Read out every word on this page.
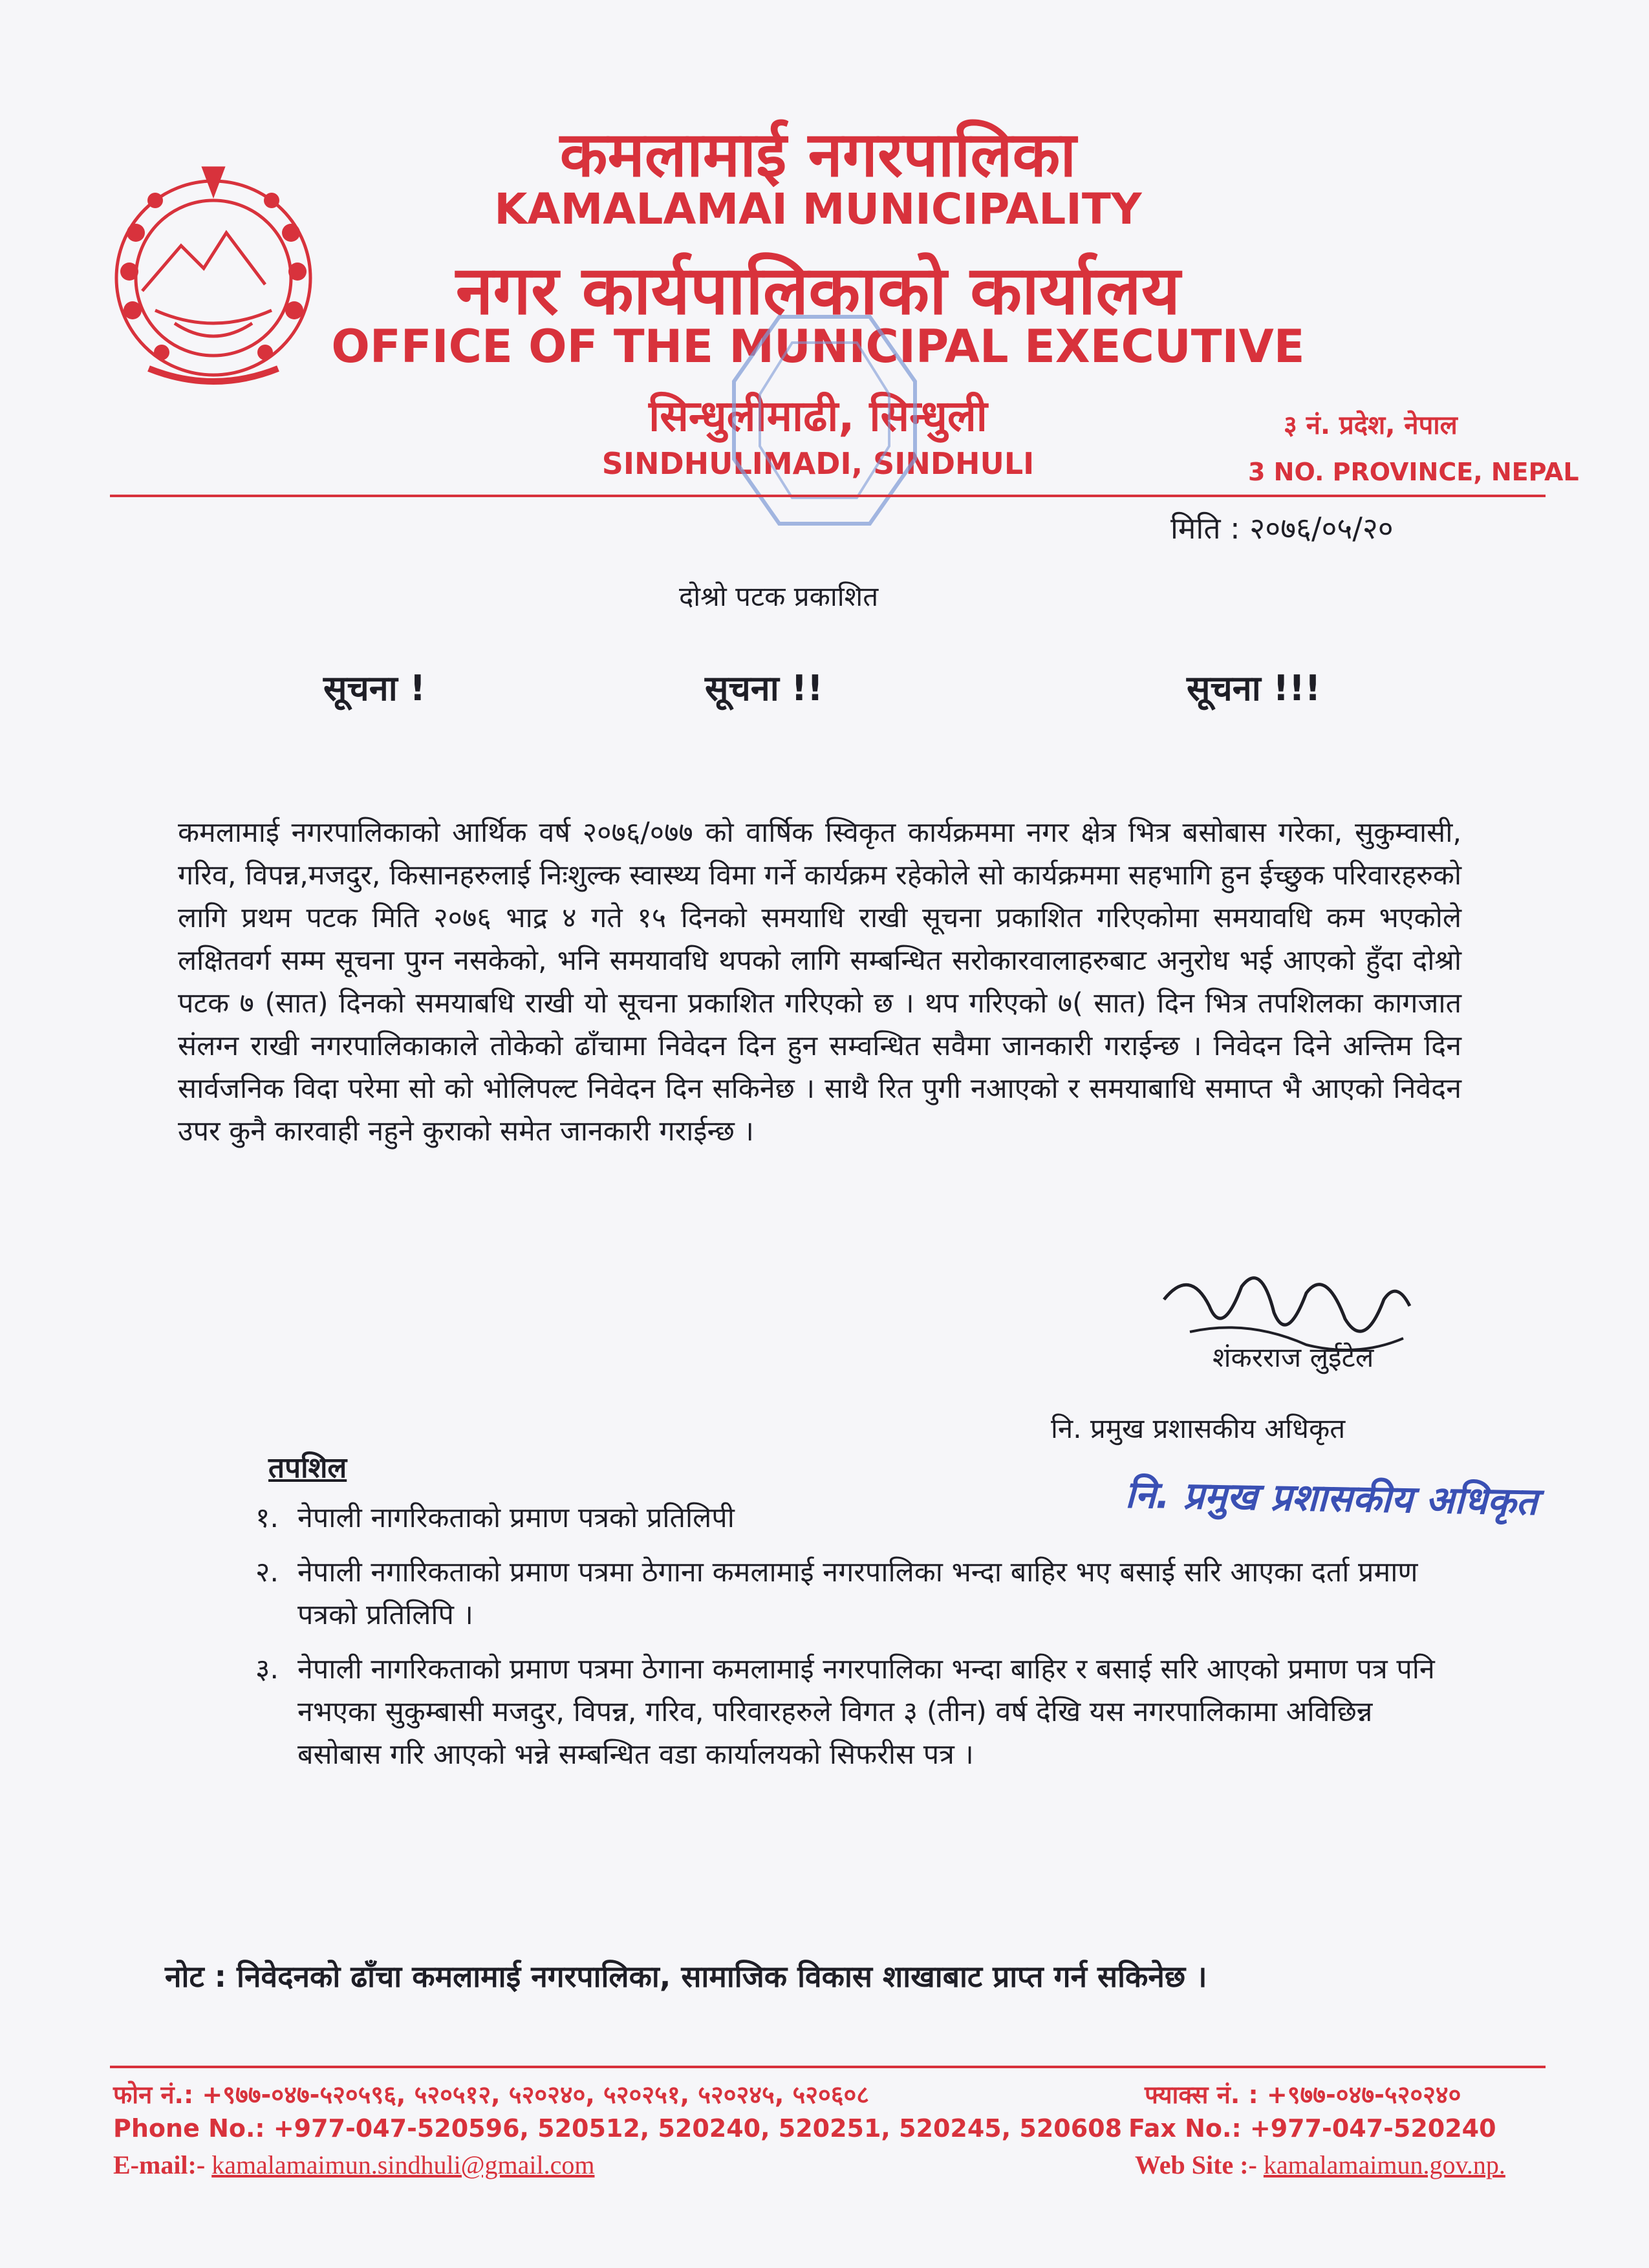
कमलामाई नगरपालिका
KAMALAMAI MUNICIPALITY
नगर कार्यपालिकाको कार्यालय
OFFICE OF THE MUNICIPAL EXECUTIVE
सिन्धुलीमाढी, सिन्धुली
SINDHULIMADI, SINDHULI
३ नं. प्रदेश, नेपाल
3 NO. PROVINCE, NEPAL
मिति : २०७६/०५/२०
दोश्रो पटक प्रकाशित
सूचना !	सूचना !!	सूचना !!!

कमलामाई नगरपालिकाको आर्थिक वर्ष २०७६/०७७ को वार्षिक स्विकृत कार्यक्रममा नगर क्षेत्र भित्र बसोबास गरेका, सुकुम्वासी, गरिव, विपन्न,मजदुर, किसानहरुलाई निःशुल्क स्वास्थ्य विमा गर्ने कार्यक्रम रहेकोले सो कार्यक्रममा सहभागि हुन ईच्छुक परिवारहरुको लागि प्रथम पटक मिति २०७६ भाद्र ४ गते १५ दिनको समयाधि राखी सूचना प्रकाशित गरिएकोमा समयावधि कम भएकोले लक्षितवर्ग सम्म सूचना पुग्न नसकेको, भनि समयावधि थपको लागि सम्बन्धित सरोकारवालाहरुबाट अनुरोध भई आएको हुँदा दोश्रो पटक ७ (सात) दिनको समयाबधि राखी यो सूचना प्रकाशित गरिएको छ । थप गरिएको ७( सात) दिन भित्र तपशिलका कागजात संलग्न राखी नगरपालिकाकाले तोकेको ढाँचामा निवेदन दिन हुन सम्वन्धित सवैमा जानकारी गराईन्छ । निवेदन दिने अन्तिम दिन सार्वजनिक विदा परेमा सो को भोलिपल्ट निवेदन दिन सकिनेछ । साथै रित पुगी नआएको र समयाबाधि समाप्त भै आएको निवेदन उपर कुनै कारवाही नहुने कुराको समेत जानकारी गराईन्छ ।

शंकरराज लुईटेल
नि. प्रमुख प्रशासकीय अधिकृत
नि. प्रमुख प्रशासकीय अधिकृत
तपशिल
१. नेपाली नागरिकताको प्रमाण पत्रको प्रतिलिपी
२. नेपाली नगारिकताको प्रमाण पत्रमा ठेगाना कमलामाई नगरपालिका भन्दा बाहिर भए बसाई सरि आएका दर्ता प्रमाण पत्रको प्रतिलिपि ।
३. नेपाली नागरिकताको प्रमाण पत्रमा ठेगाना कमलामाई नगरपालिका भन्दा बाहिर र बसाई सरि आएको प्रमाण पत्र पनि नभएका सुकुम्बासी मजदुर, विपन्न, गरिव, परिवारहरुले विगत ३ (तीन) वर्ष देखि यस नगरपालिकामा अविछिन्न बसोबास गरि आएको भन्ने सम्बन्धित वडा कार्यालयको सिफरीस पत्र ।
नोट : निवेदनको ढाँचा कमलामाई नगरपालिका, सामाजिक विकास शाखाबाट प्राप्त गर्न सकिनेछ ।
फोन नं.: +९७७-०४७-५२०५९६, ५२०५१२, ५२०२४०, ५२०२५१, ५२०२४५, ५२०६०८	फ्याक्स नं. : +९७७-०४७-५२०२४०
Phone No.: +977-047-520596, 520512, 520240, 520251, 520245, 520608 Fax No.: +977-047-520240
E-mail:- kamalamaimun.sindhuli@gmail.com	Web Site :- kamalamaimun.gov.np.
